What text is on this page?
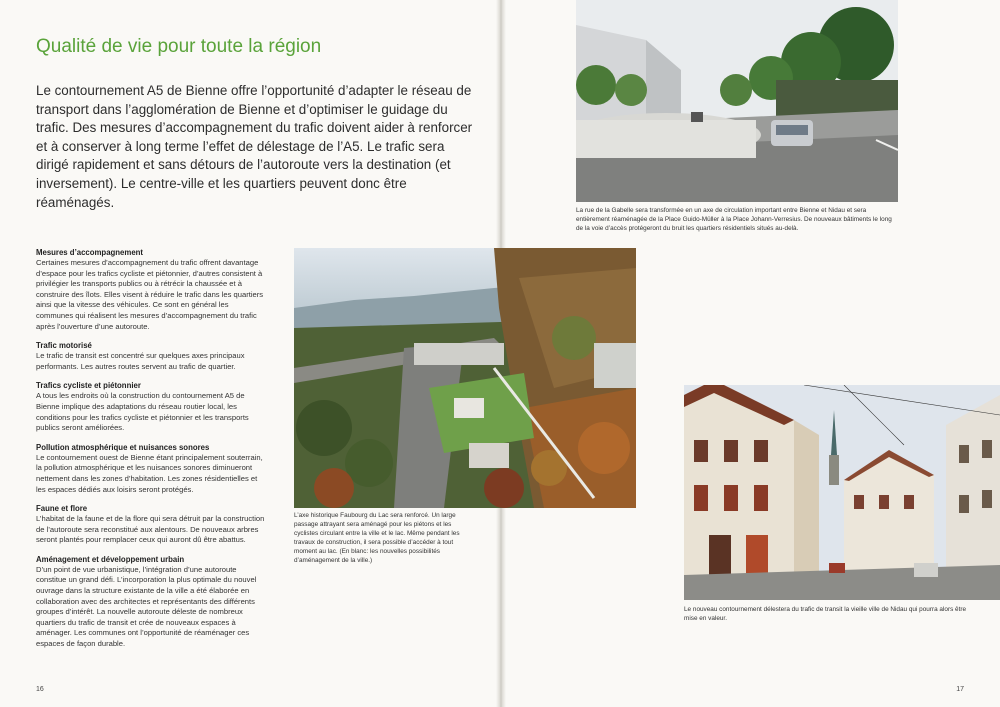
Qualité de vie pour toute la région

Le contournement A5 de Bienne offre l’opportunité d’adapter le réseau de transport dans l’agglomération de Bienne et d’optimiser le guidage du trafic. Des mesures d’accompagnement du trafic doivent aider à renforcer et à conserver à long terme l’effet de délestage de l’A5. Le trafic sera dirigé rapidement et sans détours de l’autoroute vers la destination (et inversement). Le centre-ville et les quartiers peuvent donc être réaménagés.

Mesures d’accompagnement

Certaines mesures d’accompagnement du trafic offrent davantage d’espace pour les trafics cycliste et piétonnier, d’autres consistent à privilégier les transports publics ou à rétrécir la chaussée et à construire des îlots. Elles visent à réduire le trafic dans les quartiers ainsi que la vitesse des véhicules. Ce sont en général les communes qui réalisent les mesures d’accompagnement du trafic après l’ouverture d’une autoroute.

Trafic motorisé

Le trafic de transit est concentré sur quelques axes principaux performants. Les autres routes servent au trafic de quartier.

Trafics cycliste et piétonnier

A tous les endroits où la construction du contournement A5 de Bienne implique des adaptations du réseau routier local, les conditions pour les trafics cycliste et piétonnier et les transports publics seront améliorées.

Pollution atmosphérique et nuisances sonores

Le contournement ouest de Bienne étant principalement souterrain, la pollution atmosphérique et les nuisances sonores diminueront nettement dans les zones d’habitation. Les zones résidentielles et les espaces dédiés aux loisirs seront protégés.

Faune et flore

L’habitat de la faune et de la flore qui sera détruit par la construction de l’autoroute sera reconstitué aux alentours. De nouveaux arbres seront plantés pour remplacer ceux qui auront dû être abattus.

Aménagement et développement urbain

D’un point de vue urbanistique, l’intégration d’une autoroute constitue un grand défi. L’incorporation la plus optimale du nouvel ouvrage dans la structure existante de la ville a été élaborée en collaboration avec des architectes et représentants des différents groupes d’intérêt. La nouvelle autoroute déleste de nombreux quartiers du trafic de transit et crée de nouveaux espaces à aménager. Les communes ont l’opportunité de réaménager ces espaces de façon durable.

16	17

L’axe historique Faubourg du Lac sera renforcé. Un large passage attrayant sera aménagé pour les piétons et les cyclistes circulant entre la ville et le lac. Même pendant les travaux de construction, il sera possible d’accéder à tout moment au lac. (En blanc: les nouvelles possibilités d’aménagement de la ville.)

La rue de la Gabelle sera transformée en un axe de circulation important entre Bienne et Nidau et sera entièrement réaménagée de la Place Guido-Müller à la Place Johann-Verresius. De nouveaux bâtiments le long de la voie d’accès protégeront du bruit les quartiers résidentiels situés au-delà.

Le nouveau contournement délestera du trafic de transit la vieille ville de Nidau qui pourra alors être mise en valeur.
